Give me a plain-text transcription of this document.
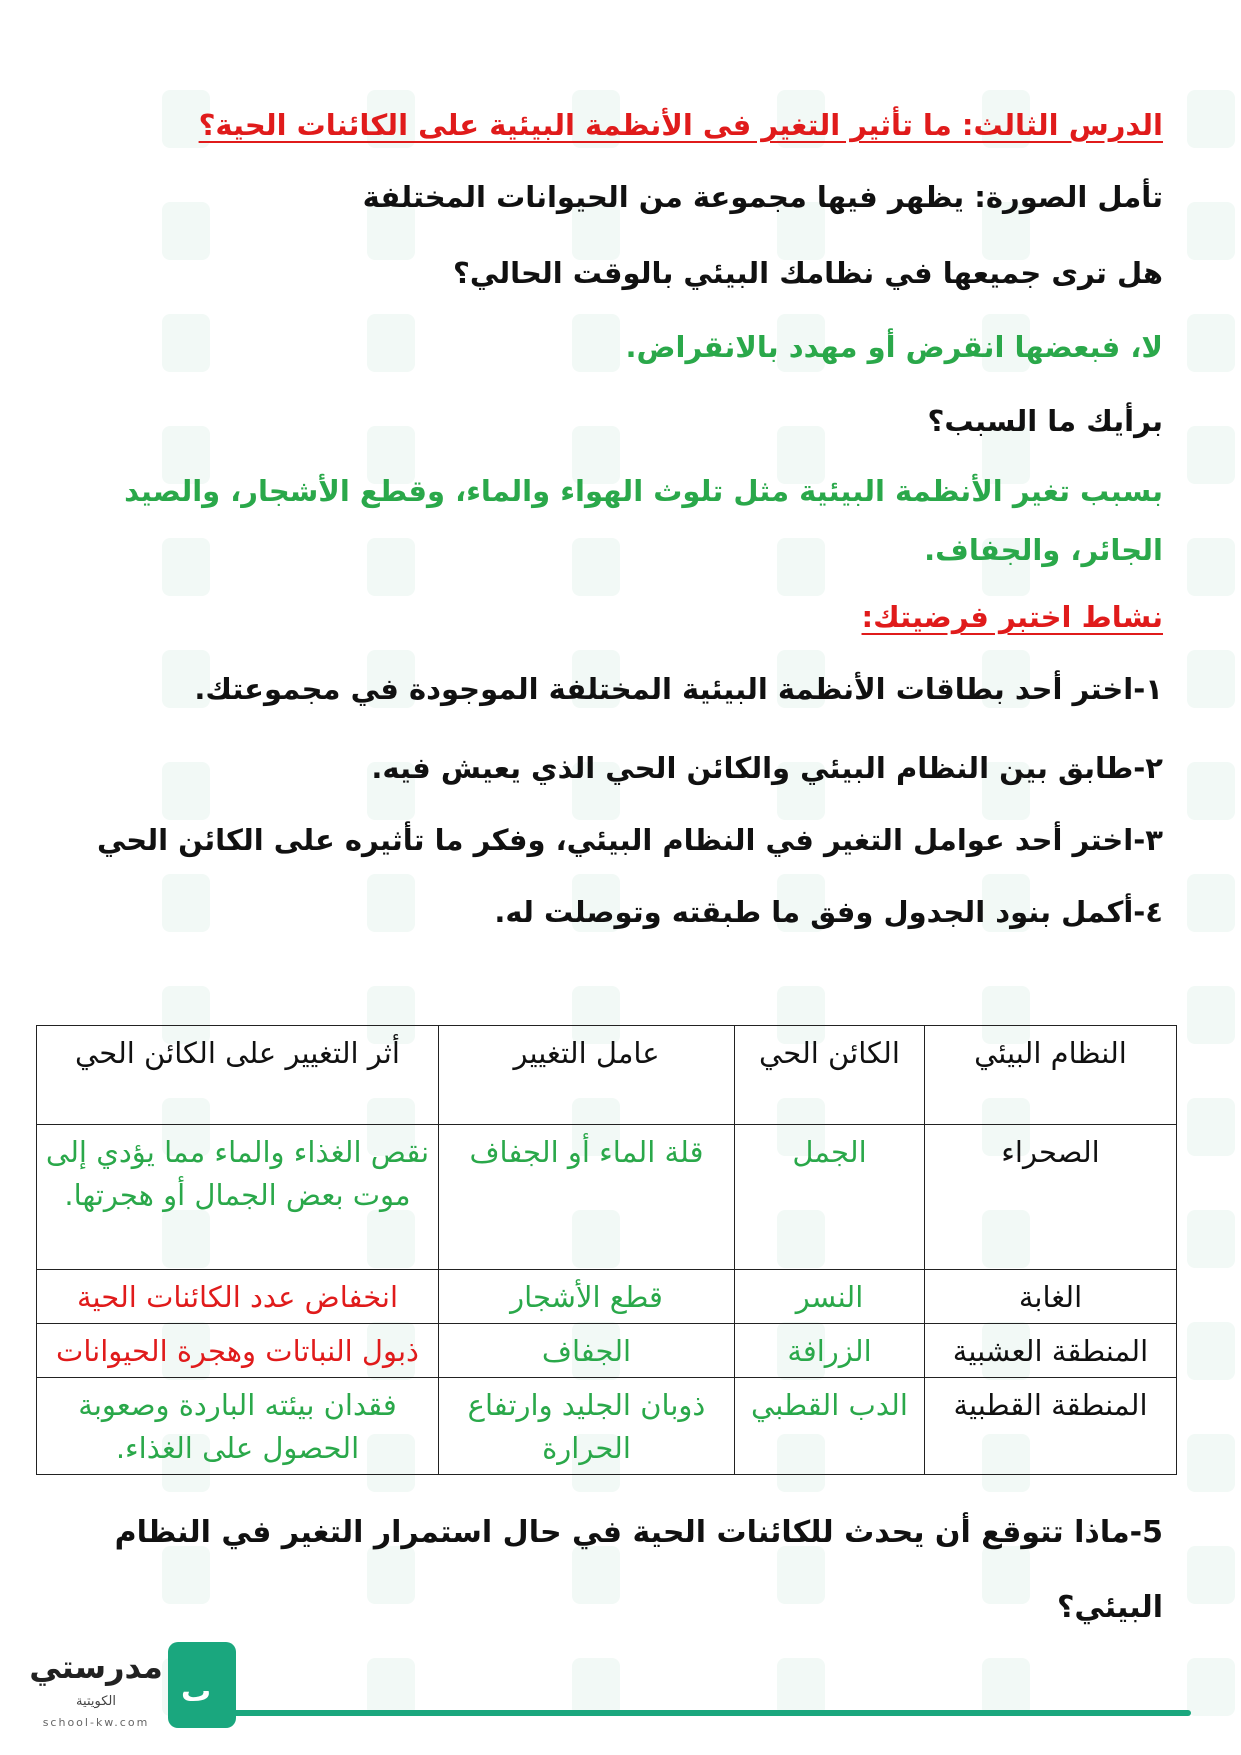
الدرس الثالث: ما تأثير التغير فى الأنظمة البيئية على الكائنات الحية؟
تأمل الصورة: يظهر فيها مجموعة من الحيوانات المختلفة
هل ترى جميعها في نظامك البيئي بالوقت الحالي؟
لا، فبعضها انقرض أو مهدد بالانقراض.
برأيك ما السبب؟
بسبب تغير الأنظمة البيئية مثل تلوث الهواء والماء، وقطع الأشجار، والصيد
الجائر، والجفاف.
نشاط اختبر فرضيتك:
١-اختر أحد بطاقات الأنظمة البيئية المختلفة الموجودة في مجموعتك.
٢-طابق بين النظام البيئي والكائن الحي الذي يعيش فيه.
٣-اختر أحد عوامل التغير في النظام البيئي، وفكر ما تأثيره على الكائن الحي
٤-أكمل بنود الجدول وفق ما طبقته وتوصلت له.
النظام البيئي	الكائن الحي	عامل التغيير	أثر التغيير على الكائن الحي
الصحراء	الجمل	قلة الماء أو الجفاف	نقص الغذاء والماء مما يؤدي إلى موت بعض الجمال أو هجرتها.
الغابة	النسر	قطع الأشجار	انخفاض عدد الكائنات الحية
المنطقة العشبية	الزرافة	الجفاف	ذبول النباتات وهجرة الحيوانات
المنطقة القطبية	الدب القطبي	ذوبان الجليد وارتفاع الحرارة	فقدان بيئته الباردة وصعوبة الحصول على الغذاء.
5-ماذا تتوقع أن يحدث للكائنات الحية في حال استمرار التغير في النظام
البيئي؟
ٮ
مدرستي
الكويتية
school-kw.com
